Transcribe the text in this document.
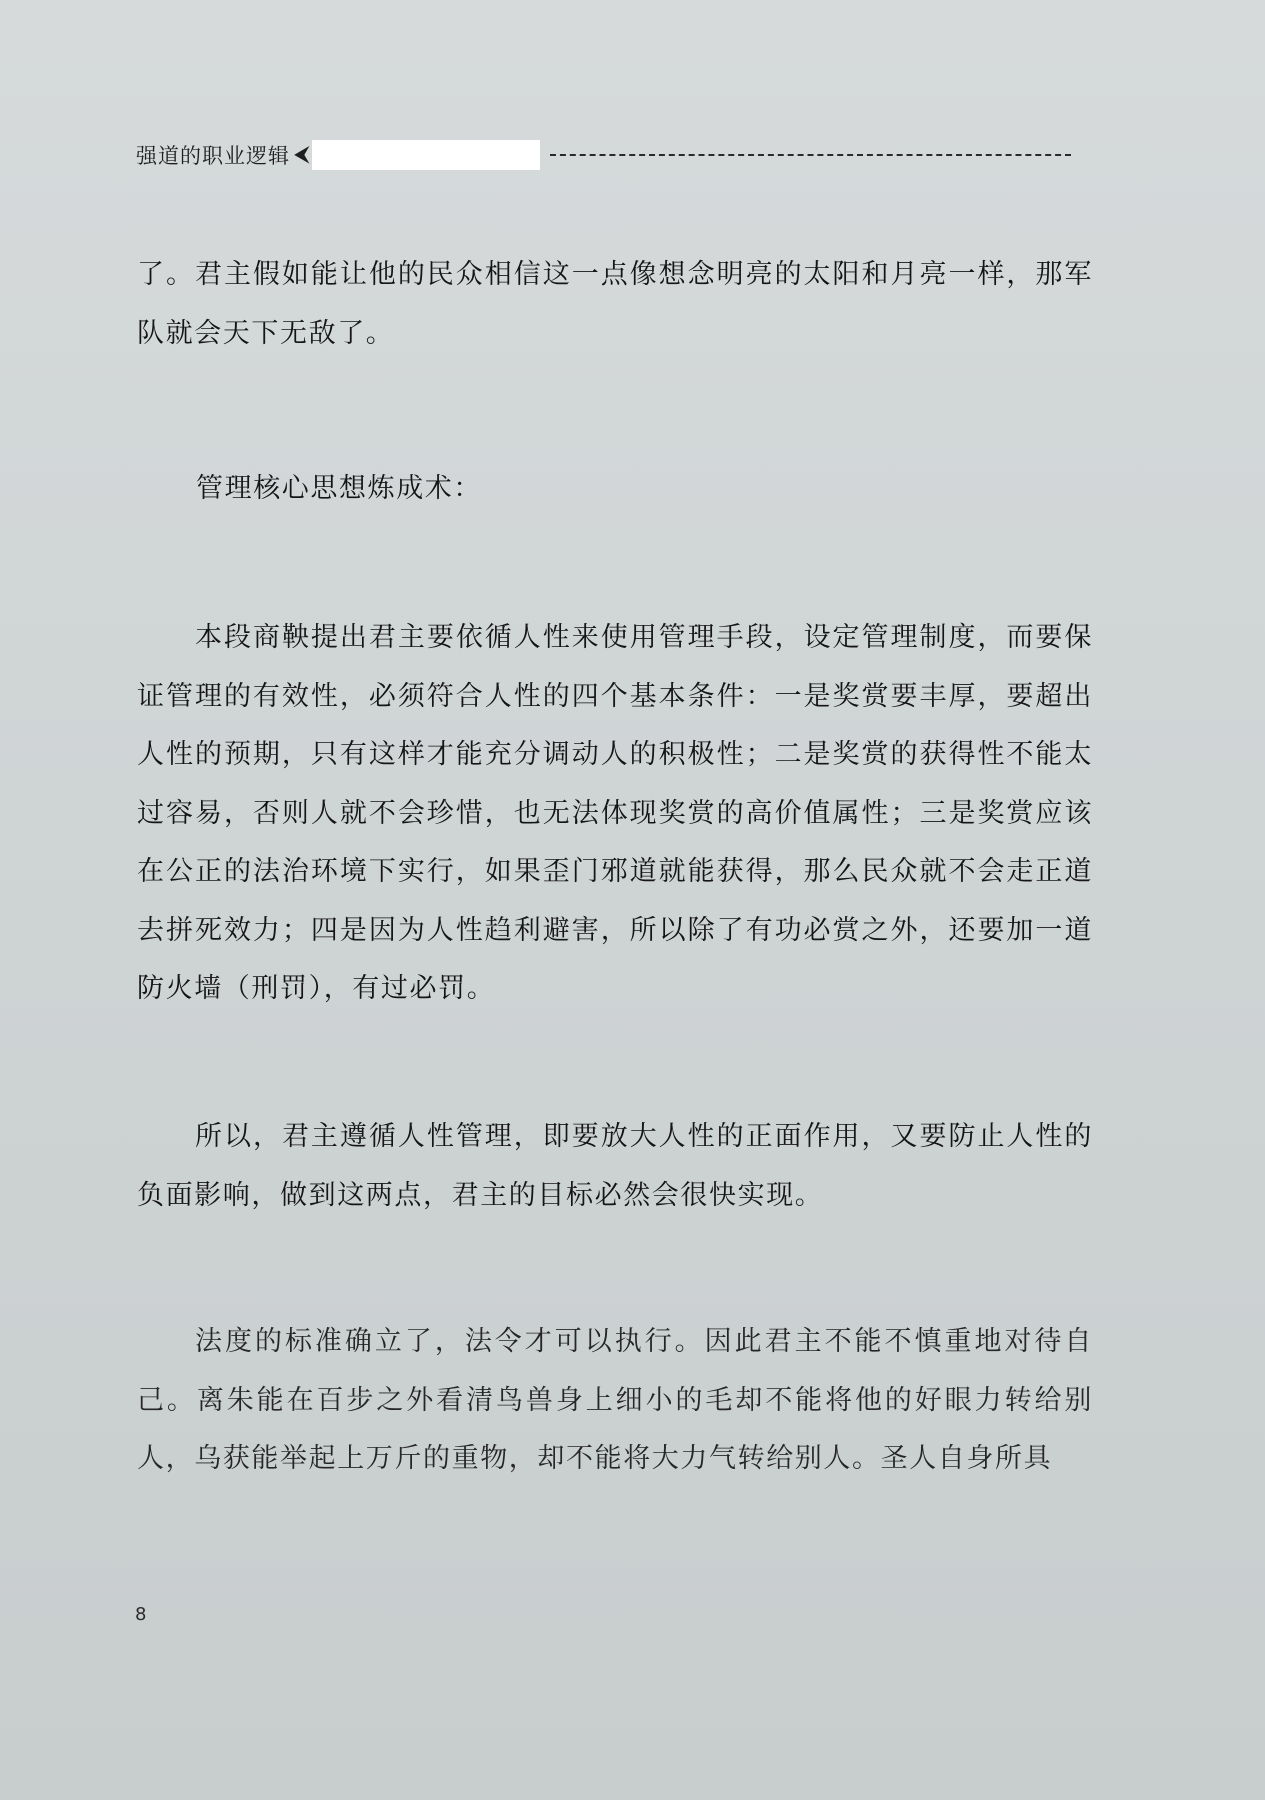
强道的职业逻辑 ⮜

了。君主假如能让他的民众相信这一点像想念明亮的太阳和月亮一样，那军队就会天下无敌了。

管理核心思想炼成术：

本段商鞅提出君主要依循人性来使用管理手段，设定管理制度，而要保证管理的有效性，必须符合人性的四个基本条件：一是奖赏要丰厚，要超出人性的预期，只有这样才能充分调动人的积极性；二是奖赏的获得性不能太过容易，否则人就不会珍惜，也无法体现奖赏的高价值属性；三是奖赏应该在公正的法治环境下实行，如果歪门邪道就能获得，那么民众就不会走正道去拼死效力；四是因为人性趋利避害，所以除了有功必赏之外，还要加一道防火墙（刑罚），有过必罚。

所以，君主遵循人性管理，即要放大人性的正面作用，又要防止人性的负面影响，做到这两点，君主的目标必然会很快实现。

法度的标准确立了，法令才可以执行。因此君主不能不慎重地对待自己。离朱能在百步之外看清鸟兽身上细小的毛却不能将他的好眼力转给别人，乌获能举起上万斤的重物，却不能将大力气转给别人。圣人自身所具

8
